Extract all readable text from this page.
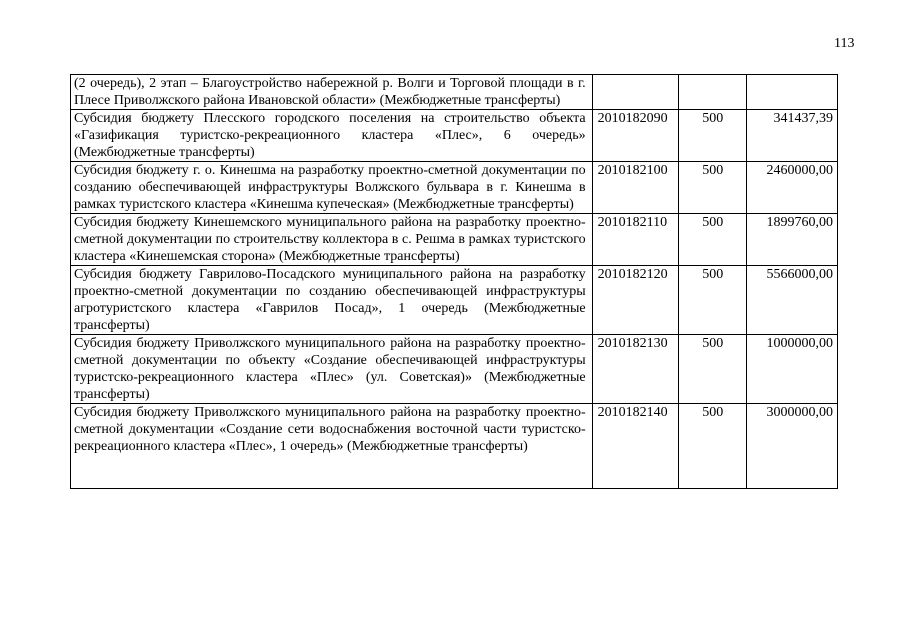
113
(2 очередь), 2 этап – Благоустройство набережной р. Волги и Торговой площади в г. Плесе Приволжского района Ивановской области» (Межбюджетные трансферты)			
Субсидия бюджету Плесского городского поселения на строительство объекта «Газификация туристско-рекреационного кластера «Плес», 6 очередь» (Межбюджетные трансферты)	2010182090	500	341437,39
Субсидия бюджету г. о. Кинешма на разработку проектно-сметной документации по созданию обеспечивающей инфраструктуры Волжского бульвара в г. Кинешма в рамках туристского кластера «Кинешма купеческая» (Межбюджетные трансферты)	2010182100	500	2460000,00
Субсидия бюджету Кинешемского муниципального района на разработку проектно-сметной документации по строительству коллектора в с. Решма в рамках туристского кластера «Кинешемская сторона» (Межбюджетные трансферты)	2010182110	500	1899760,00
Субсидия бюджету Гаврилово-Посадского муниципального района на разработку проектно-сметной документации по созданию обеспечивающей инфраструктуры агротуристского кластера «Гаврилов Посад», 1 очередь (Межбюджетные трансферты)	2010182120	500	5566000,00
Субсидия бюджету Приволжского муниципального района на разработку проектно-сметной документации по объекту «Создание обеспечивающей инфраструктуры туристско-рекреационного кластера «Плес» (ул. Советская)» (Межбюджетные трансферты)	2010182130	500	1000000,00
Субсидия бюджету Приволжского муниципального района на разработку проектно-сметной документации «Создание сети водоснабжения восточной части туристско-рекреационного кластера «Плес», 1 очередь» (Межбюджетные трансферты)	2010182140	500	3000000,00
